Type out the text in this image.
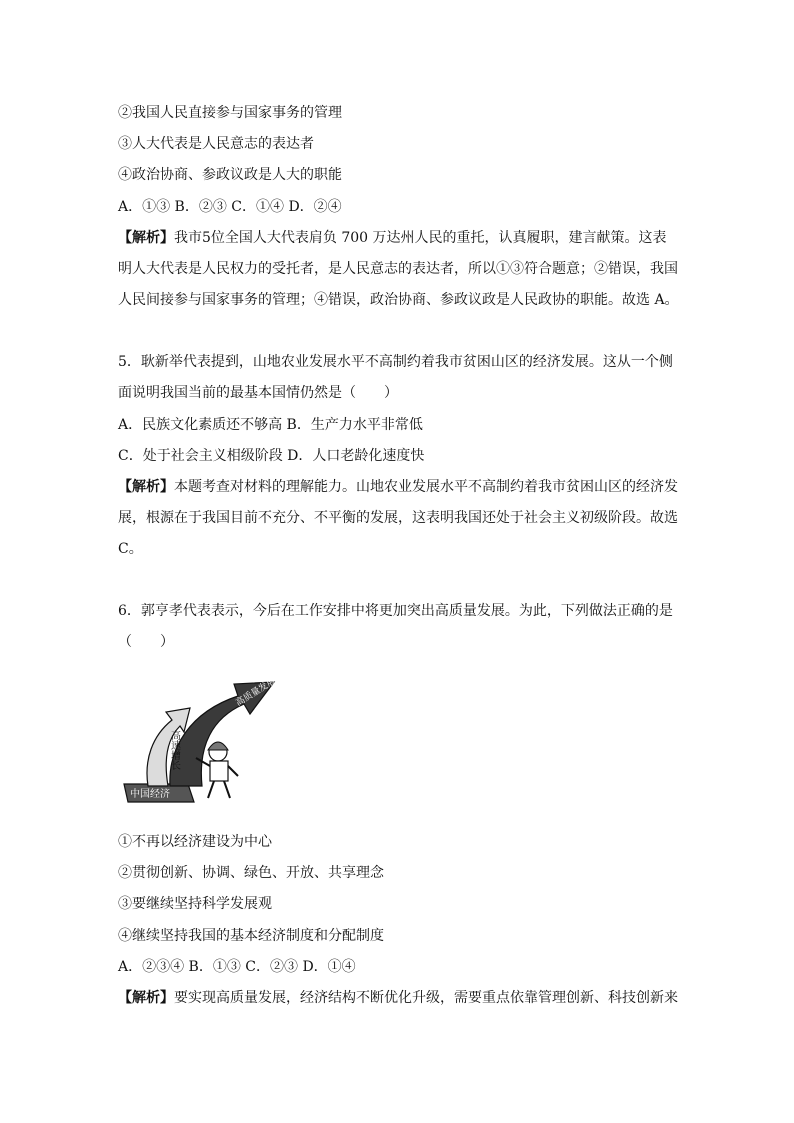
②我国人民直接参与国家事务的管理
③人大代表是人民意志的表达者
④政治协商、参政议政是人大的职能
A．①③ B．②③ C．①④ D．②④
【解析】我市5位全国人大代表肩负 700 万达州人民的重托，认真履职，建言献策。这表
明人大代表是人民权力的受托者，是人民意志的表达者，所以①③符合题意；②错误，我国
人民间接参与国家事务的管理；④错误，政治协商、参政议政是人民政协的职能。故选 A。
5．耿新举代表提到，山地农业发展水平不高制约着我市贫困山区的经济发展。这从一个侧
面说明我国当前的最基本国情仍然是（　　）
A．民族文化素质还不够高 B．生产力水平非常低
C．处于社会主义相级阶段 D．人口老龄化速度快
【解析】本题考查对材料的理解能力。山地农业发展水平不高制约着我市贫困山区的经济发
展，根源在于我国目前不充分、不平衡的发展，这表明我国还处于社会主义初级阶段。故选
C。
6．郭亨孝代表表示，今后在工作安排中将更加突出高质量发展。为此，下列做法正确的是
（　　）
高质量发展
高速增长
中国经济
①不再以经济建设为中心
②贯彻创新、协调、绿色、开放、共享理念
③要继续坚持科学发展观
④继续坚持我国的基本经济制度和分配制度
A．②③④ B．①③ C．②③ D．①④
【解析】要实现高质量发展，经济结构不断优化升级，需要重点依靠管理创新、科技创新来
